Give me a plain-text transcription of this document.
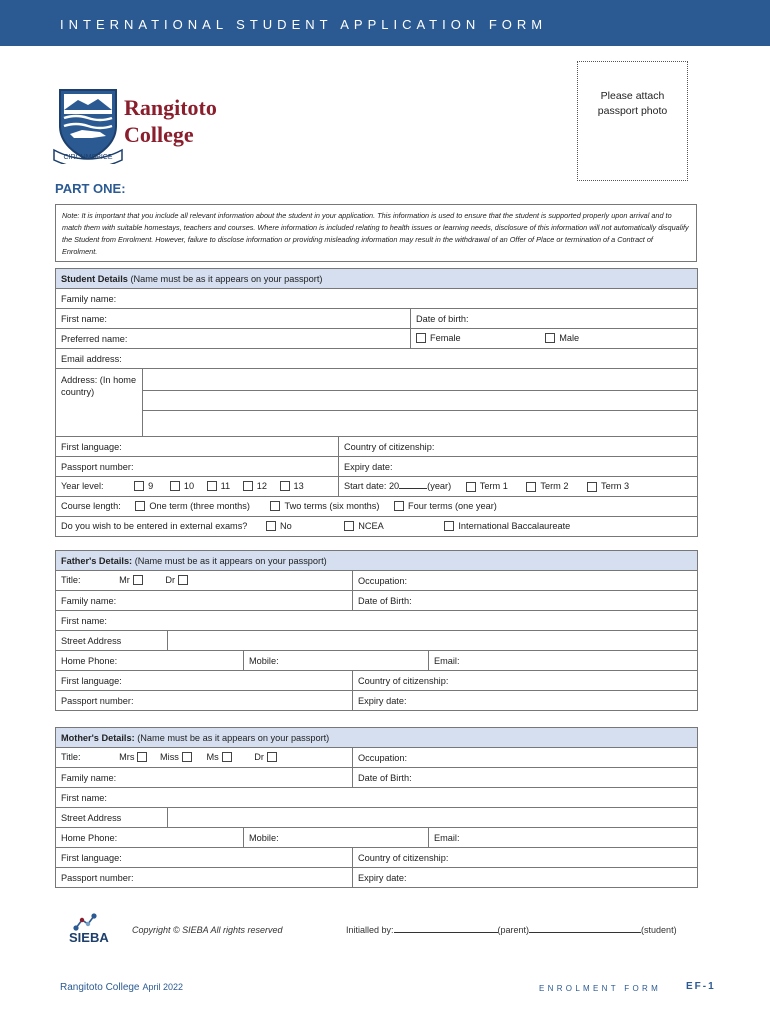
INTERNATIONAL STUDENT APPLICATION FORM
CIRCUMSPICE
Rangitoto
College
Please attach
passport photo
PART ONE:
Note: It is important that you include all relevant information about the student in your application. This information is used to ensure that the student is supported properly upon arrival and to match them with suitable homestays, teachers and courses. Where information is included relating to health issues or learning needs, disclosure of this information will not automatically disqualify the Student from Enrolment. However, failure to disclose information or providing misleading information may result in the withdrawal of an Offer of Place or termination of a Contract of Enrolment.
Student Details (Name must be as it appears on your passport)			
Family name:			
First name:			Date of birth:
Preferred name:			Female Male
Email address:			
Address: (In home country)			

First language:		Country of citizenship:	
Passport number:		Expiry date:	
Year level: 9 10 11 12 13		Start date: 20 (year) Term 1 Term 2 Term 3	
Course length: One term (three months) Two terms (six months) Four terms (one year)			
Do you wish to be entered in external exams? No NCEA International Baccalaureate			
Father's Details: (Name must be as it appears on your passport)				
Title: Mr Dr			Occupation:	
Family name:			Date of Birth:	
First name:				
Street Address				
Home Phone:		Mobile:		Email:
First language:			Country of citizenship:	
Passport number:			Expiry date:	
Mother's Details: (Name must be as it appears on your passport)				
Title: Mrs Miss Ms Dr			Occupation:	
Family name:			Date of Birth:	
First name:				
Street Address				
Home Phone:		Mobile:		Email:
First language:			Country of citizenship:	
Passport number:			Expiry date:	
SIEBA	Copyright © SIEBA All rights reserved	Initialled by:	(parent)	(student)
Rangitoto College April 2022	ENROLMENT FORM EF-1
